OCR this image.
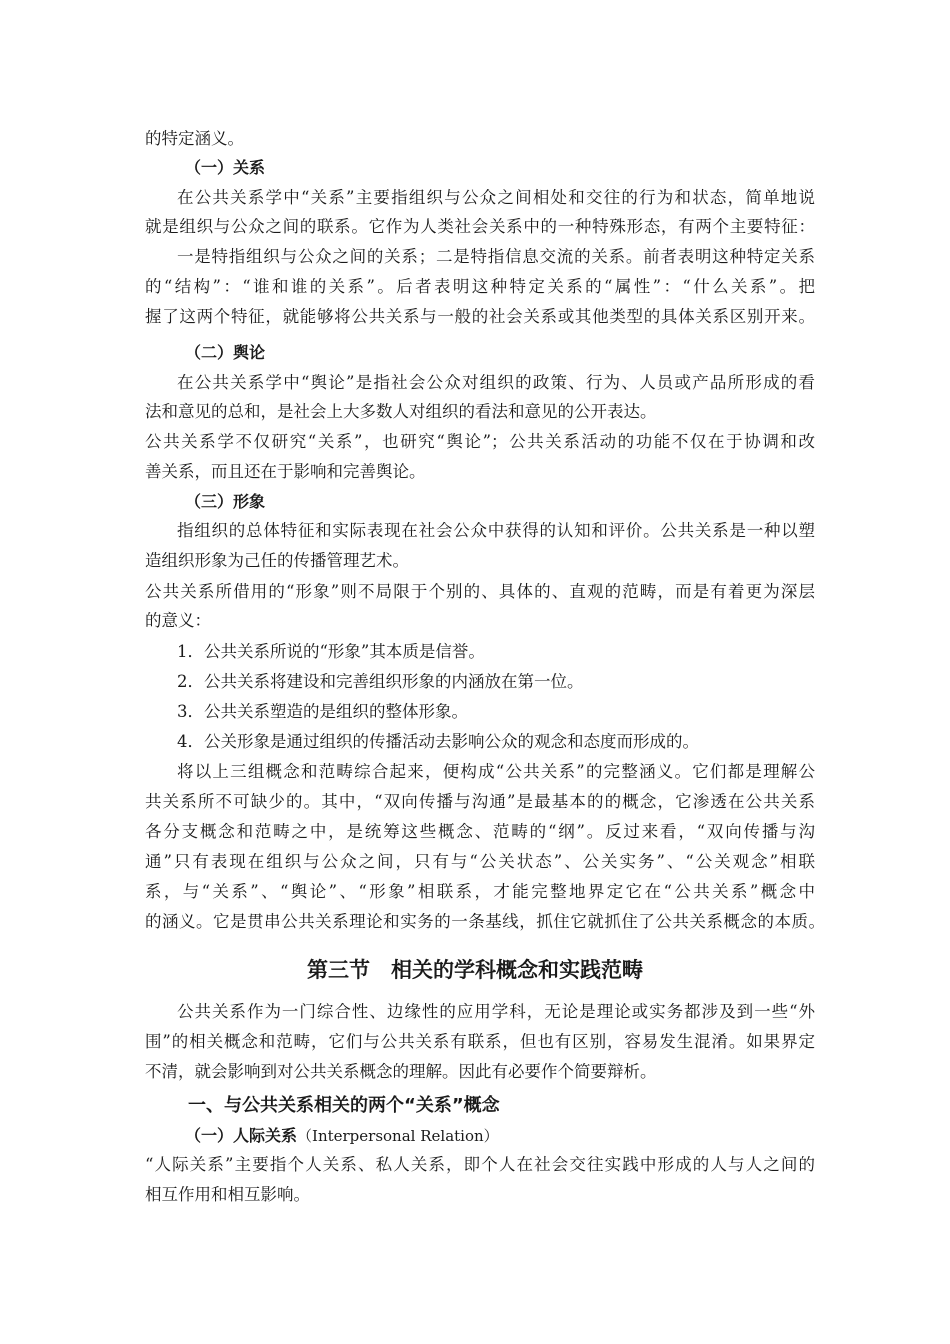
的特定涵义。
（一）关系
在公共关系学中“关系”主要指组织与公众之间相处和交往的行为和状态，简单地说
就是组织与公众之间的联系。它作为人类社会关系中的一种特殊形态，有两个主要特征：
一是特指组织与公众之间的关系；二是特指信息交流的关系。前者表明这种特定关系
的“结构”：“谁和谁的关系”。后者表明这种特定关系的“属性”：“什么关系”。把
握了这两个特征，就能够将公共关系与一般的社会关系或其他类型的具体关系区别开来。
（二）舆论
在公共关系学中“舆论”是指社会公众对组织的政策、行为、人员或产品所形成的看
法和意见的总和，是社会上大多数人对组织的看法和意见的公开表达。
公共关系学不仅研究“关系”，也研究“舆论”；公共关系活动的功能不仅在于协调和改
善关系，而且还在于影响和完善舆论。
（三）形象
指组织的总体特征和实际表现在社会公众中获得的认知和评价。公共关系是一种以塑
造组织形象为己任的传播管理艺术。
公共关系所借用的“形象”则不局限于个别的、具体的、直观的范畴，而是有着更为深层
的意义：
1．公共关系所说的“形象”其本质是信誉。
2．公共关系将建设和完善组织形象的内涵放在第一位。
3．公共关系塑造的是组织的整体形象。
4．公关形象是通过组织的传播活动去影响公众的观念和态度而形成的。
将以上三组概念和范畴综合起来，便构成“公共关系”的完整涵义。它们都是理解公
共关系所不可缺少的。其中，“双向传播与沟通”是最基本的的概念，它渗透在公共关系
各分支概念和范畴之中，是统筹这些概念、范畴的“纲”。反过来看，“双向传播与沟
通”只有表现在组织与公众之间，只有与“公关状态”、公关实务”、“公关观念”相联
系，与“关系”、“舆论”、“形象”相联系，才能完整地界定它在“公共关系”概念中
的涵义。它是贯串公共关系理论和实务的一条基线，抓住它就抓住了公共关系概念的本质。
第三节　相关的学科概念和实践范畴
公共关系作为一门综合性、边缘性的应用学科，无论是理论或实务都涉及到一些“外
围”的相关概念和范畴，它们与公共关系有联系，但也有区别，容易发生混淆。如果界定
不清，就会影响到对公共关系概念的理解。因此有必要作个简要辩析。
一、与公共关系相关的两个“关系”概念
（一）人际关系（Interpersonal Relation）
“人际关系”主要指个人关系、私人关系，即个人在社会交往实践中形成的人与人之间的
相互作用和相互影响。
